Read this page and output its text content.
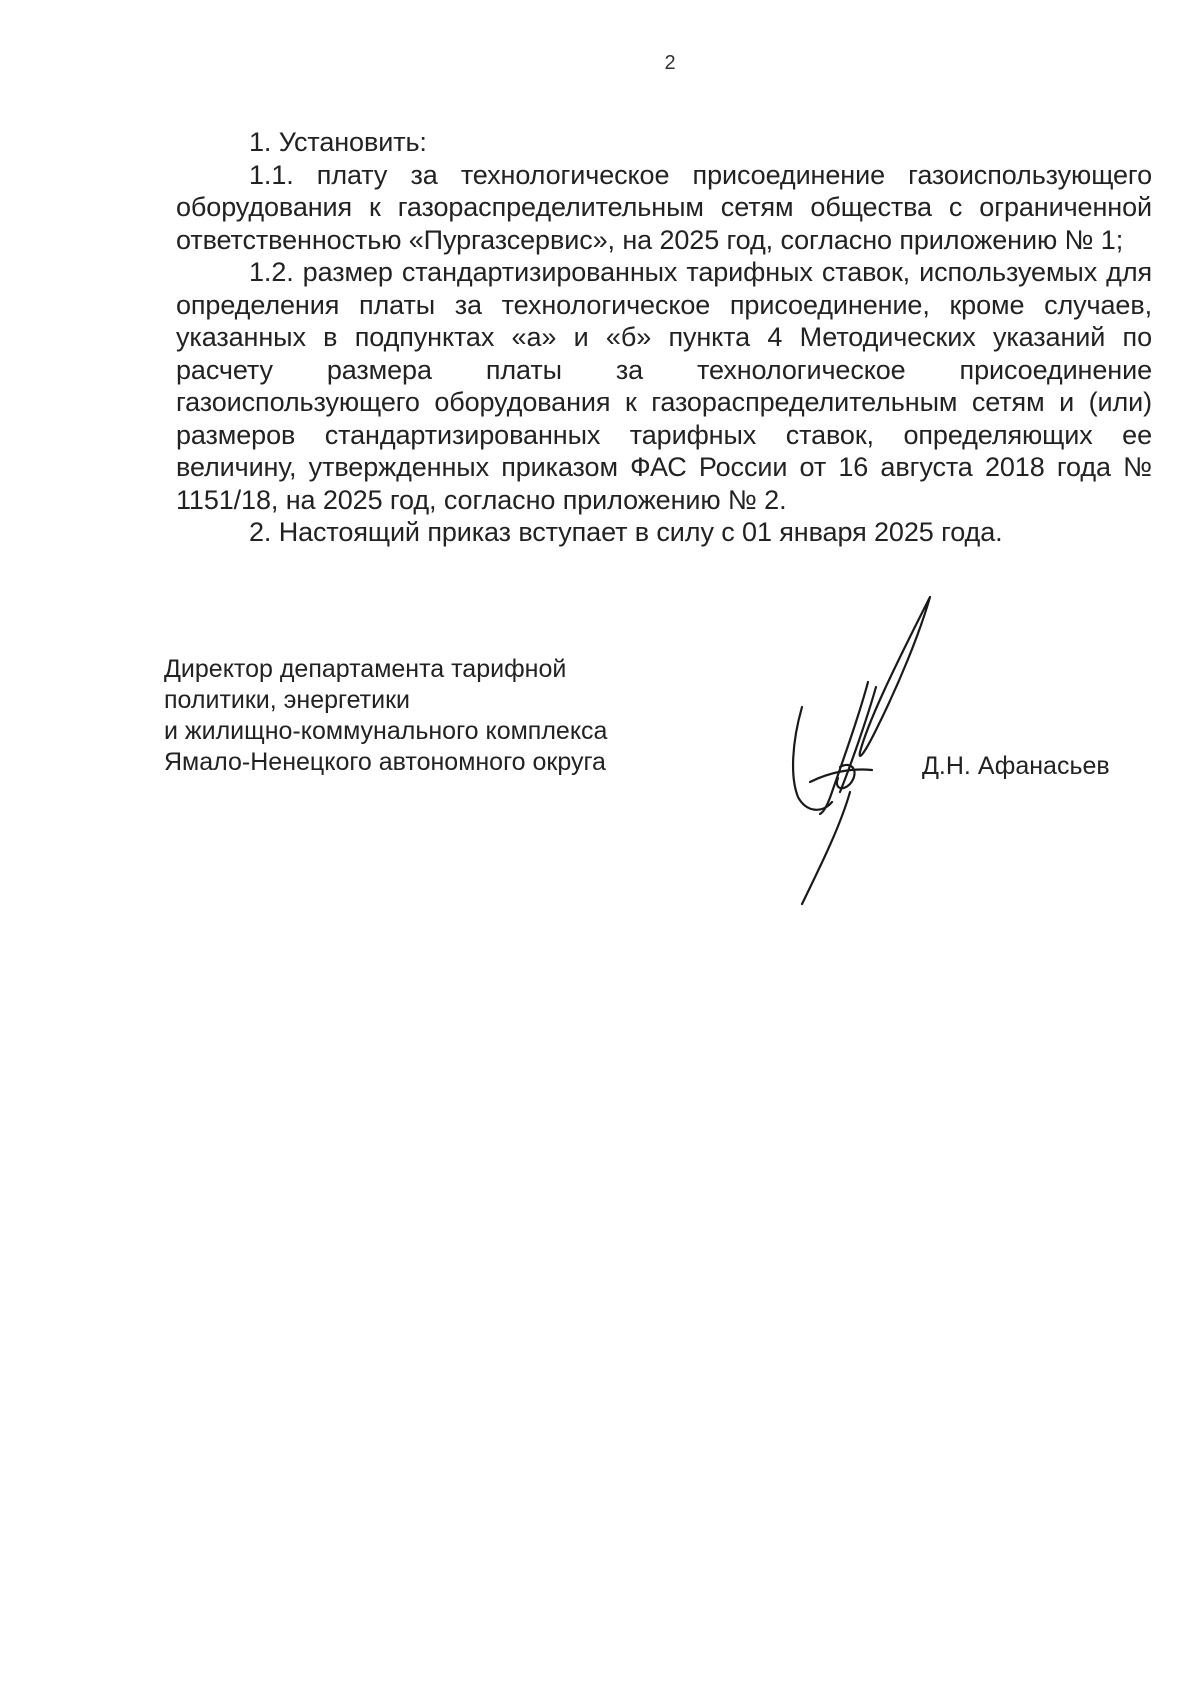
2

1. Установить:

1.1. плату за технологическое присоединение газоиспользующего оборудования к газораспределительным сетям общества с ограниченной ответственностью «Пургазсервис», на 2025 год, согласно приложению № 1;

1.2. размер стандартизированных тарифных ставок, используемых для определения платы за технологическое присоединение, кроме случаев, указанных в подпунктах «а» и «б» пункта 4 Методических указаний по расчету размера платы за технологическое присоединение газоиспользующего оборудования к газораспределительным сетям и (или) размеров стандартизированных тарифных ставок, определяющих ее величину, утвержденных приказом ФАС России от 16 августа 2018 года № 1151/18, на 2025 год, согласно приложению № 2.

2. Настоящий приказ вступает в силу с 01 января 2025 года.

Директор департамента тарифной
политики, энергетики
и жилищно-коммунального комплекса
Ямало-Ненецкого автономного округа	Д.Н. Афанасьев
